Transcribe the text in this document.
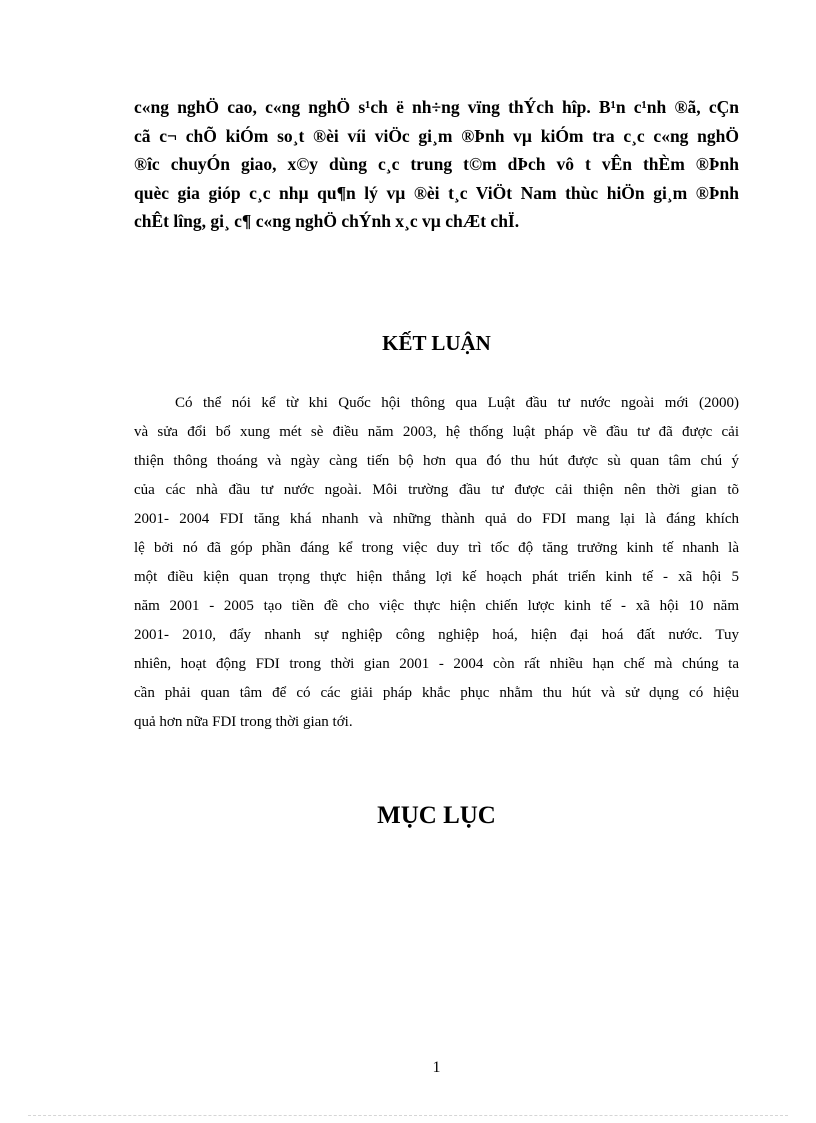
c«ng nghÖ cao, c«ng nghÖ s¹ch ë nh÷ng vïng thÝch hîp. B¹n c¹nh ®ã, cÇn
cã c¬ chÕ kiÓm so¸t ®èi víi viÖc gi¸m ®Þnh vµ kiÓm tra c¸c c«ng nghÖ
®îc chuyÓn giao, x©y dùng c¸c trung t©m dÞch vô t vÊn thÈm ®Þnh
quèc gia gióp c¸c nhµ qu¶n lý vµ ®èi t¸c ViÖt Nam thùc hiÖn gi¸m ®Þnh
chÊt lîng, gi¸ c¶ c«ng nghÖ chÝnh x¸c vµ chÆt chÏ.
KẾT LUẬN
Có thể nói kể từ khi Quốc hội thông qua Luật đầu tư nước ngoài mới (2000)
và sửa đổi bổ xung mét sè điều năm 2003, hệ thống luật pháp về đầu tư đã được cải
thiện thông thoáng và ngày càng tiến bộ hơn qua đó thu hút được sù quan tâm chú ý
của các nhà đầu tư nước ngoài. Môi trường đầu tư được cải thiện nên thời gian tõ
2001- 2004 FDI tăng khá nhanh và những thành quả do FDI mang lại là đáng khích
lệ bởi nó đã góp phần đáng kể trong việc duy trì tốc độ tăng trưởng kinh tế nhanh là
một điều kiện quan trọng thực hiện thắng lợi kế hoạch phát triển kinh tế - xã hội 5
năm 2001 - 2005 tạo tiền đề cho việc thực hiện chiến lược kinh tế - xã hội 10 năm
2001- 2010, đẩy nhanh sự nghiệp công nghiệp hoá, hiện đại hoá đất nước. Tuy
nhiên, hoạt động FDI trong thời gian 2001 - 2004 còn rất nhiều hạn chế mà chúng ta
cần phải quan tâm để có các giải pháp khắc phục nhằm thu hút và sử dụng có hiệu
quả hơn nữa FDI trong thời gian tới.
MỤC LỤC
1
